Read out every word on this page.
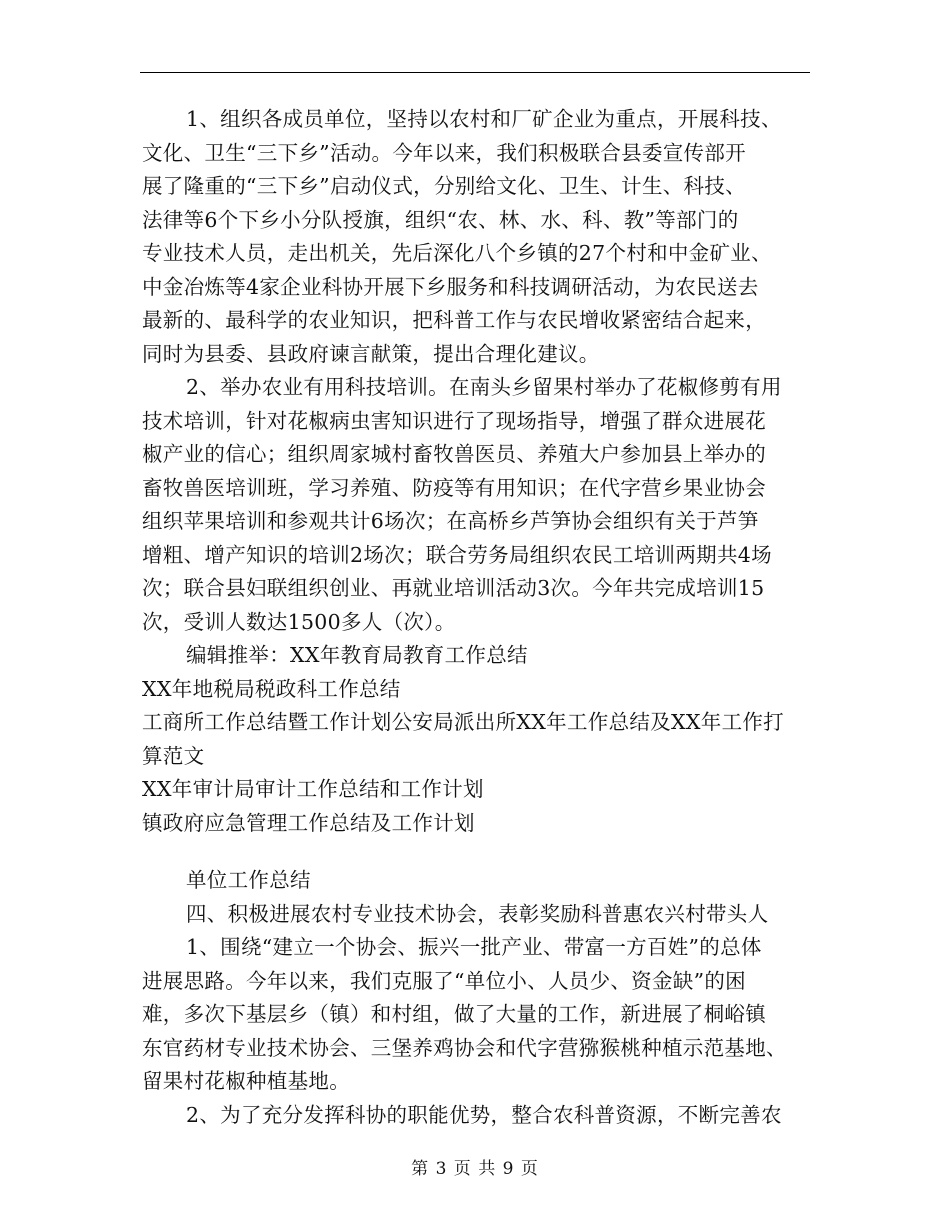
1、组织各成员单位，坚持以农村和厂矿企业为重点，开展科技、
文化、卫生“三下乡”活动。今年以来，我们积极联合县委宣传部开
展了隆重的“三下乡”启动仪式，分别给文化、卫生、计生、科技、
法律等6个下乡小分队授旗，组织“农、林、水、科、教”等部门的
专业技术人员，走出机关，先后深化八个乡镇的27个村和中金矿业、
中金冶炼等4家企业科协开展下乡服务和科技调研活动，为农民送去
最新的、最科学的农业知识，把科普工作与农民增收紧密结合起来，
同时为县委、县政府谏言献策，提出合理化建议。
2、举办农业有用科技培训。在南头乡留果村举办了花椒修剪有用
技术培训，针对花椒病虫害知识进行了现场指导，增强了群众进展花
椒产业的信心；组织周家城村畜牧兽医员、养殖大户参加县上举办的
畜牧兽医培训班，学习养殖、防疫等有用知识；在代字营乡果业协会
组织苹果培训和参观共计6场次；在高桥乡芦笋协会组织有关于芦笋
增粗、增产知识的培训2场次；联合劳务局组织农民工培训两期共4场
次；联合县妇联组织创业、再就业培训活动3次。今年共完成培训15
次，受训人数达1500多人（次）。
编辑推举：XX年教育局教育工作总结
XX年地税局税政科工作总结
工商所工作总结暨工作计划公安局派出所XX年工作总结及XX年工作打
算范文
XX年审计局审计工作总结和工作计划
镇政府应急管理工作总结及工作计划
单位工作总结
四、积极进展农村专业技术协会，表彰奖励科普惠农兴村带头人
1、围绕“建立一个协会、振兴一批产业、带富一方百姓”的总体
进展思路。今年以来，我们克服了“单位小、人员少、资金缺”的困
难，多次下基层乡（镇）和村组，做了大量的工作，新进展了桐峪镇
东官药材专业技术协会、三堡养鸡协会和代字营猕猴桃种植示范基地、
留果村花椒种植基地。
2、为了充分发挥科协的职能优势，整合农科普资源，不断完善农
第 3 页 共 9 页
